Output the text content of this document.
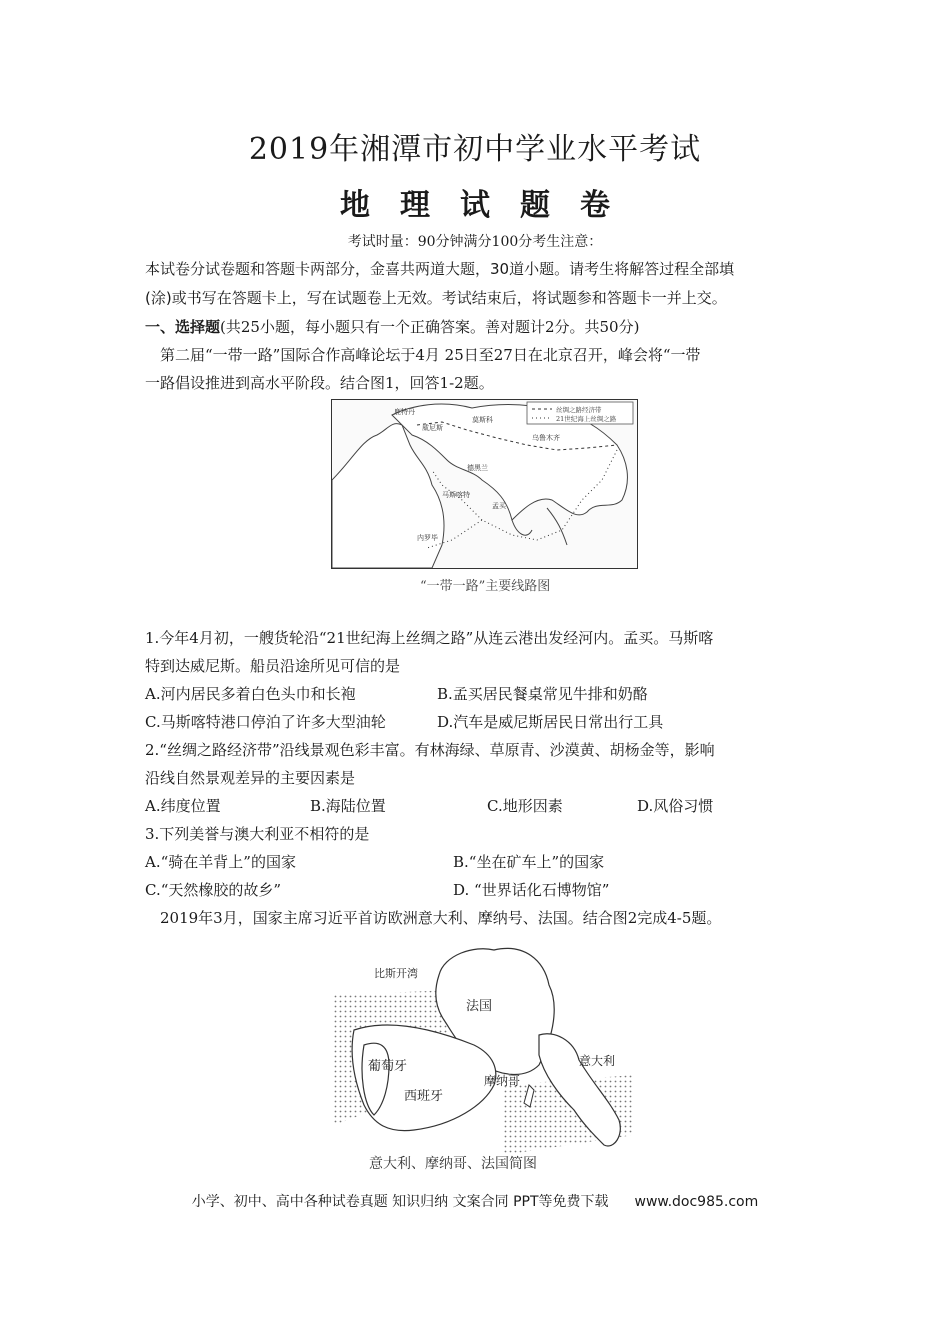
2019年湘潭市初中学业水平考试
地理试题卷
考试时量：90分钟满分100分考生注意：
本试卷分试卷题和答题卡两部分，金喜共两道大题，30道小题。请考生将解答过程全部填
(涂)或书写在答题卡上，写在试题卷上无效。考试结束后，将试题参和答题卡一并上交。
一、选择题(共25小题，每小题只有一个正确答案。善对题计2分。共50分)
第二届“一带一路”国际合作高峰论坛于4月 25日至27日在北京召开，峰会将“一带
一路倡设推进到高水平阶段。结合图1，回答1-2题。
丝绸之路经济带
21世纪海上丝绸之路
鹿特丹
威尼斯
莫斯科
乌鲁木齐
德黑兰
马斯喀特
孟买
内罗毕
“一带一路”主要线路图
1.今年4月初，一艘货轮沿“21世纪海上丝绸之路”从连云港出发经河内。孟买。马斯喀
特到达威尼斯。船员沿途所见可信的是
A.河内居民多着白色头巾和长袍	B.孟买居民餐桌常见牛排和奶酪
C.马斯喀特港口停泊了许多大型油轮	D.汽车是威尼斯居民日常出行工具
2.“丝绸之路经济带”沿线景观色彩丰富。有林海绿、草原青、沙漠黄、胡杨金等，影响
沿线自然景观差异的主要因素是
A.纬度位置	B.海陆位置	C.地形因素	D.风俗习惯
3.下列美誉与澳大利亚不相符的是
A.“骑在羊背上”的国家	B.“坐在矿车上”的国家
C.“天然橡胶的故乡”	D. “世界话化石博物馆”
2019年3月，国家主席习近平首访欧洲意大利、摩纳号、法国。结合图2完成4-5题。
比斯开湾
法国
葡萄牙
西班牙
摩纳哥
意大利
意大利、摩纳哥、法国简图
小学、初中、高中各种试卷真题 知识归纳 文案合同 PPT等免费下载 www.doc985.com
